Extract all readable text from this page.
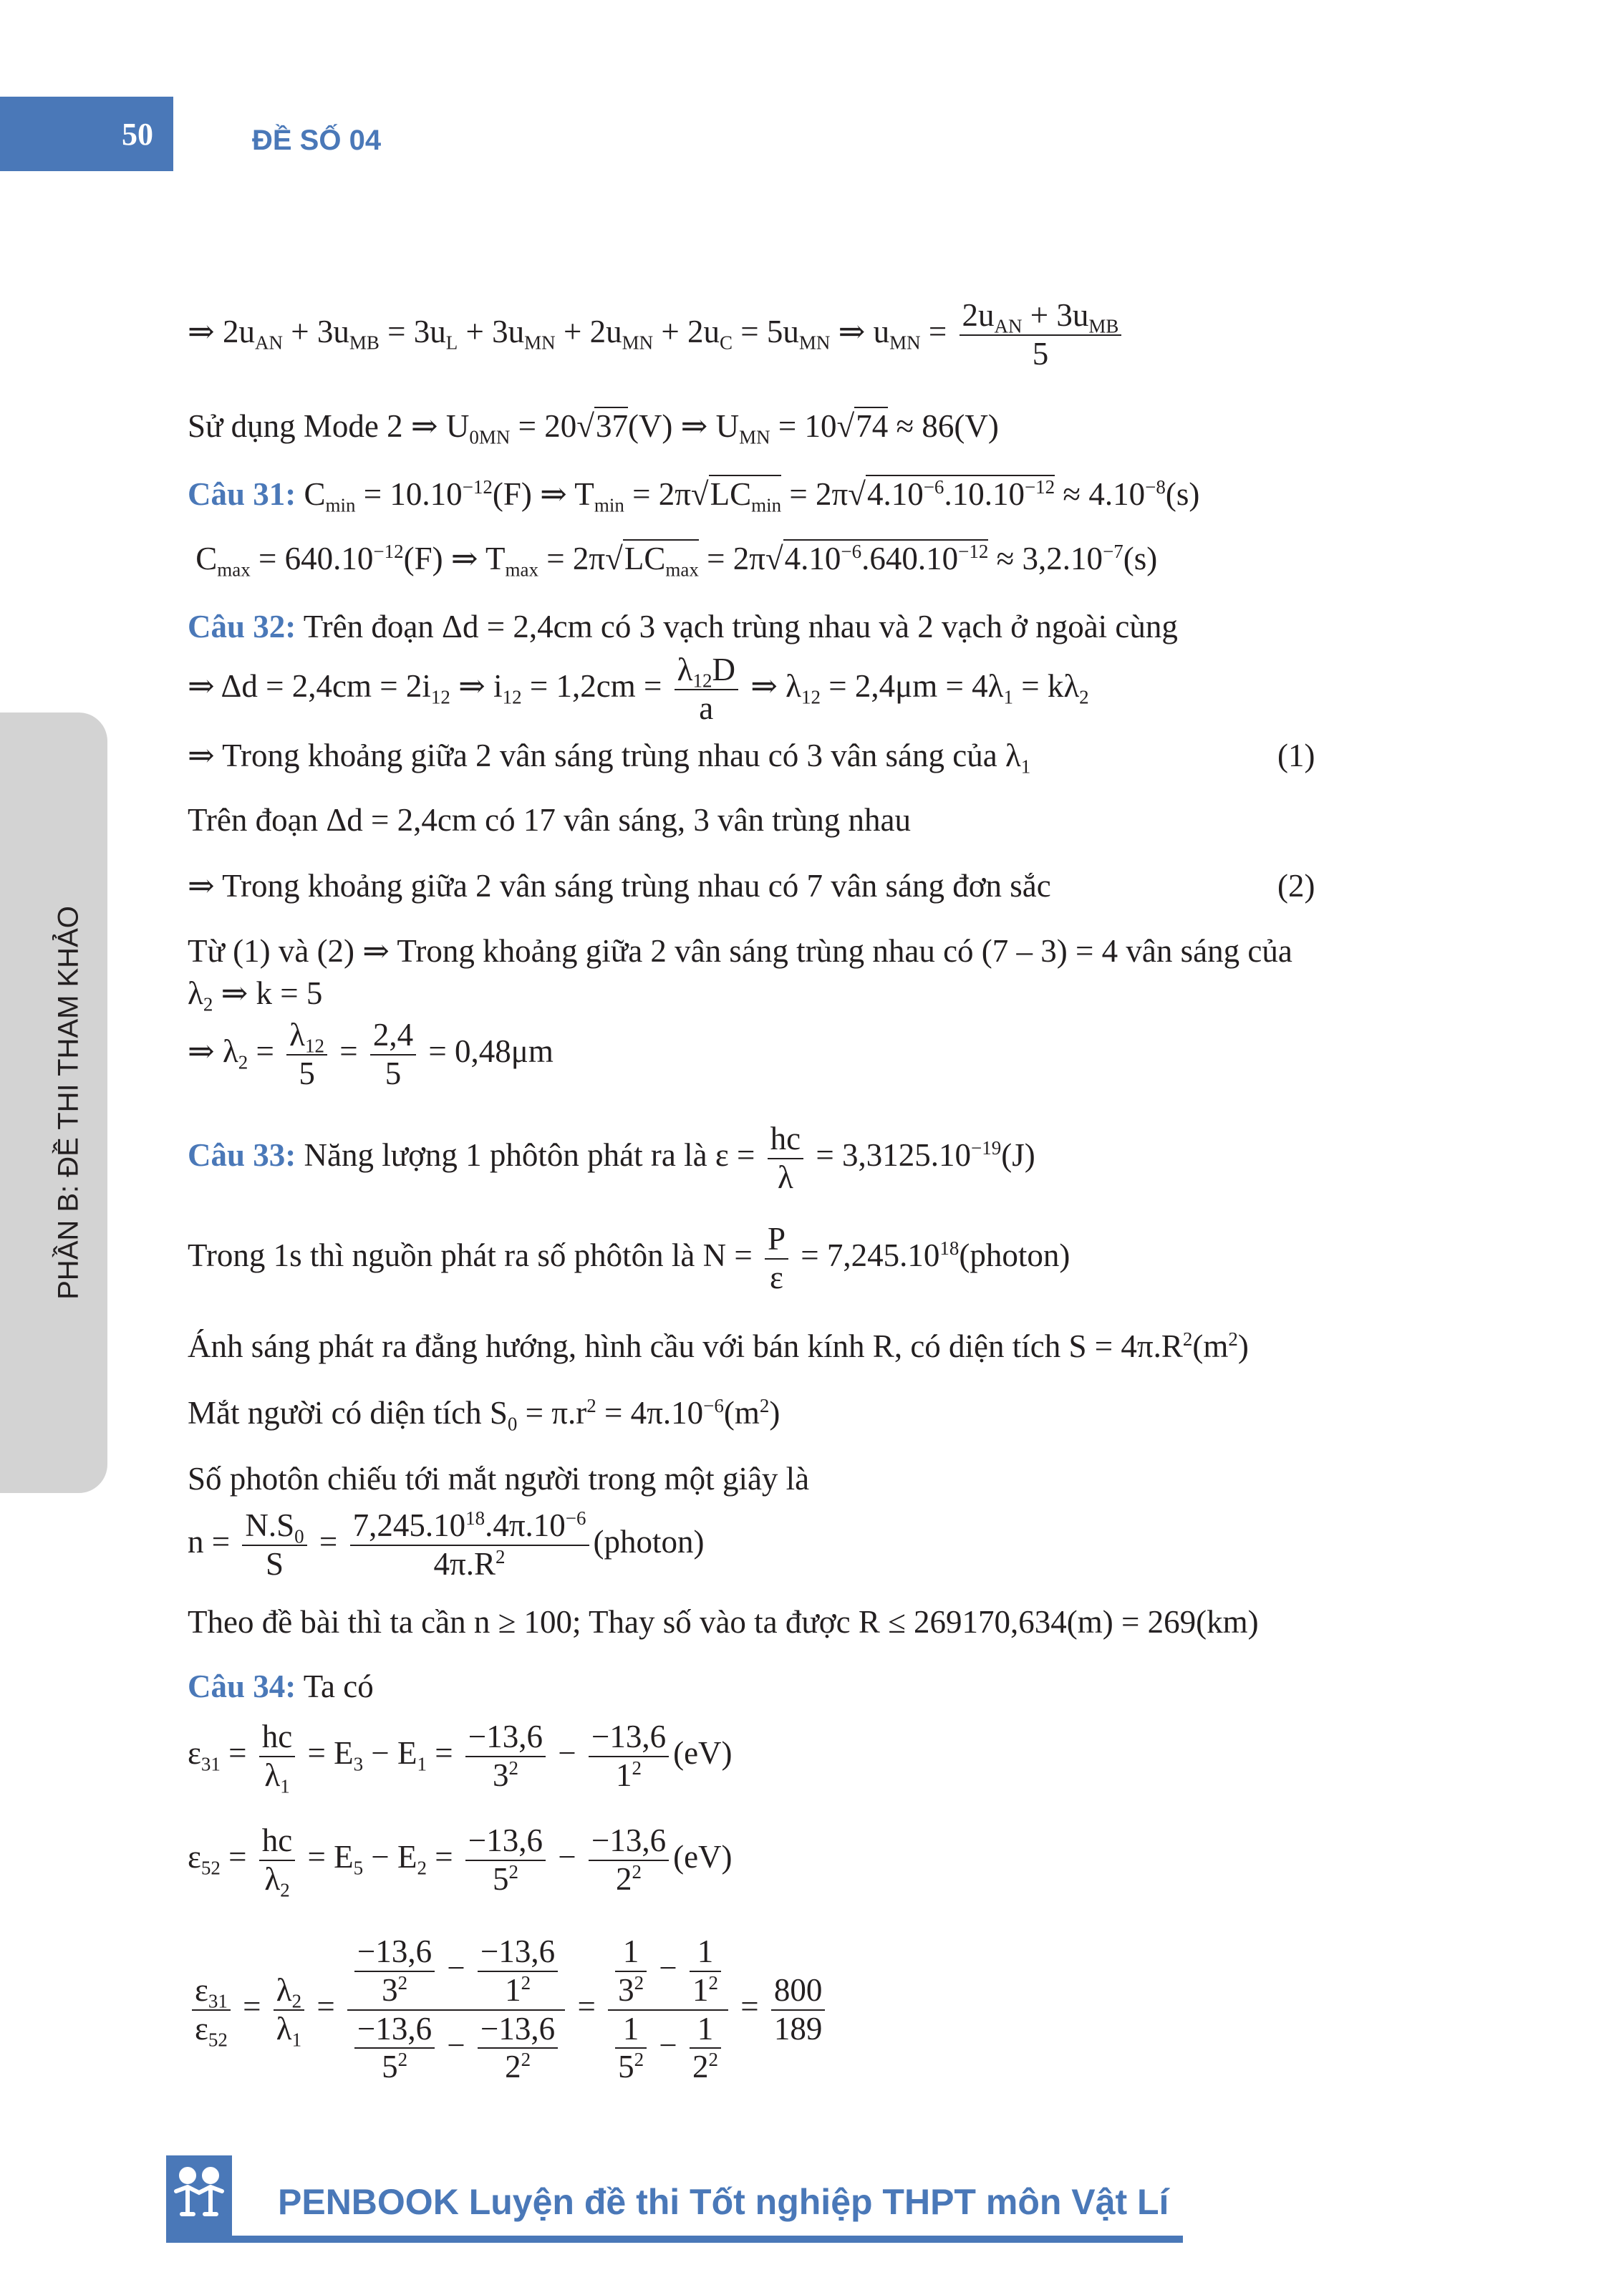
50	ĐỀ SỐ 04
PHẦN B: ĐỀ THI THAM KHẢO
⇒ $2u_{AN} + 3u_{MB} = 3u_L + 3u_{MN} + 2u_{MN} + 2u_C = 5u_{MN}$ ⇒ $u_{MN} = \frac{2u_{AN} + 3u_{MB}}{5}$
Sử dụng Mode 2 ⇒ $U_{0MN} = 20√37(V)$ ⇒ $U_{MN} = 10√74 \approx 86(V)$
Câu 31: $C_{min} = 10.10^{-12}(F)$ ⇒ $T_{min} = 2\pi√LC_{min} = 2\pi√4.10^{-6}.10.10^{-12} \approx 4.10^{-8}(s)$
$C_{max} = 640.10^{-12}(F)$ ⇒ $T_{max} = 2\pi√LC_{max} = 2\pi√4.10^{-6}.640.10^{-12} \approx 3,2.10^{-7}(s)$
Câu 32: Trên đoạn Δd = 2,4cm có 3 vạch trùng nhau và 2 vạch ở ngoài cùng
⇒ $\Delta d = 2,4cm = 2i_{12}$ ⇒ $i_{12} = 1,2cm = \frac{\lambda_{12}D}{a}$ ⇒ $\lambda_{12} = 2,4\mu m = 4\lambda_1 = k\lambda_2$
⇒ Trong khoảng giữa 2 vân sáng trùng nhau có 3 vân sáng của $\lambda_1$	(1)
Trên đoạn Δd = 2,4cm có 17 vân sáng, 3 vân trùng nhau
⇒ Trong khoảng giữa 2 vân sáng trùng nhau có 7 vân sáng đơn sắc	(2)
Từ (1) và (2) ⇒ Trong khoảng giữa 2 vân sáng trùng nhau có (7 – 3) = 4 vân sáng của
$\lambda_2$ ⇒ k = 5
⇒ $\lambda_2 = \frac{\lambda_{12}}{5} = \frac{2,4}{5} = 0,48\mu m$
Câu 33: Năng lượng 1 phôtôn phát ra là $\varepsilon = \frac{hc}{\lambda} = 3,3125.10^{-19}(J)$
Trong 1s thì nguồn phát ra số phôtôn là $N = \frac{P}{\varepsilon}$ = $7,245.10^{18}(photon)$
Ánh sáng phát ra đẳng hướng, hình cầu với bán kính R, có diện tích $S = 4\pi.R^2(m^2)$
Mắt người có diện tích $S_0 = \pi.r^2 = 4\pi.10^{-6}(m^2)$
Số photôn chiếu tới mắt người trong một giây là
$n = \frac{N.S_0}{S} = \frac{7,245.10^{18}.4\pi.10^{-6}}{4\pi.R^2}$ (photon)
Theo đề bài thì ta cần n ≥ 100; Thay số vào ta được R ≤ 269170,634(m) = 269(km)
Câu 34: Ta có
$\varepsilon_{31} = \frac{hc}{\lambda_1} = E_3 - E_1 = \frac{-13,6}{3^2} - \frac{-13,6}{1^2} (eV)$
$\varepsilon_{52} = \frac{hc}{\lambda_2} = E_5 - E_2 = \frac{-13,6}{5^2} - \frac{-13,6}{2^2} (eV)$
$\frac{\varepsilon_{31}}{\varepsilon_{52}} = \frac{\lambda_2}{\lambda_1} = \frac{\frac{-13,6}{3^2} - \frac{-13,6}{1^2}}{\frac{-13,6}{5^2} - \frac{-13,6}{2^2}} = \frac{\frac{1}{3^2} - \frac{1}{1^2}}{\frac{1}{5^2} - \frac{1}{2^2}} = \frac{800}{189}$
PENBOOK Luyện đề thi Tốt nghiệp THPT môn Vật Lí
